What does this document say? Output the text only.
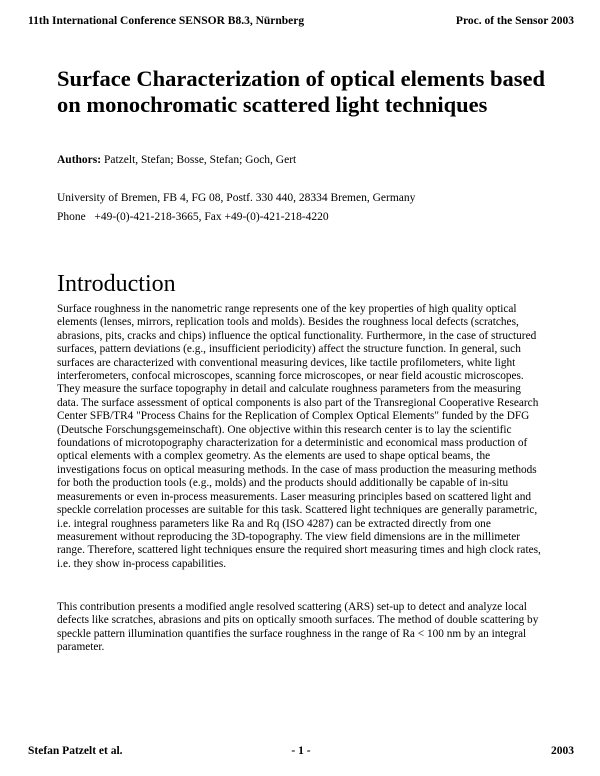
11th International Conference SENSOR B8.3, Nürnberg	Proc. of the Sensor 2003
Surface Characterization of optical elements based on monochromatic scattered light techniques
Authors: Patzelt, Stefan; Bosse, Stefan; Goch, Gert
University of Bremen, FB 4, FG 08, Postf. 330 440, 28334 Bremen, Germany
Phone   +49-(0)-421-218-3665, Fax +49-(0)-421-218-4220
Introduction

Surface roughness in the nanometric range represents one of the key properties of high quality optical elements (lenses, mirrors, replication tools and molds). Besides the roughness local defects (scratches, abrasions, pits, cracks and chips) influence the optical functionality. Furthermore, in the case of structured surfaces, pattern deviations (e.g., insufficient periodicity) affect the structure function. In general, such surfaces are characterized with conventional measuring devices, like tactile profilometers, white light interferometers, confocal microscopes, scanning force microscopes, or near field acoustic microscopes. They measure the surface topography in detail and calculate roughness parameters from the measuring data. The surface assessment of optical components is also part of the Transregional Cooperative Research Center SFB/TR4 "Process Chains for the Replication of Complex Optical Elements" funded by the DFG (Deutsche Forschungsgemeinschaft). One objective within this research center is to lay the scientific foundations of microtopography characterization for a deterministic and economical mass production of optical elements with a complex geometry. As the elements are used to shape optical beams, the investigations focus on optical measuring methods. In the case of mass production the measuring methods for both the production tools (e.g., molds) and the products should additionally be capable of in-situ measurements or even in-process measurements. Laser measuring principles based on scattered light and speckle correlation processes are suitable for this task. Scattered light techniques are generally parametric, i.e. integral roughness parameters like Ra and Rq (ISO 4287) can be extracted directly from one measurement without reproducing the 3D-topography. The view field dimensions are in the millimeter range. Therefore, scattered light techniques ensure the required short measuring times and high clock rates, i.e. they show in-process capabilities.

This contribution presents a modified angle resolved scattering (ARS) set-up to detect and analyze local defects like scratches, abrasions and pits on optically smooth surfaces. The method of double scattering by speckle pattern illumination quantifies the surface roughness in the range of Ra < 100 nm by an integral parameter.

Stefan Patzelt et al.	- 1 -	2003
